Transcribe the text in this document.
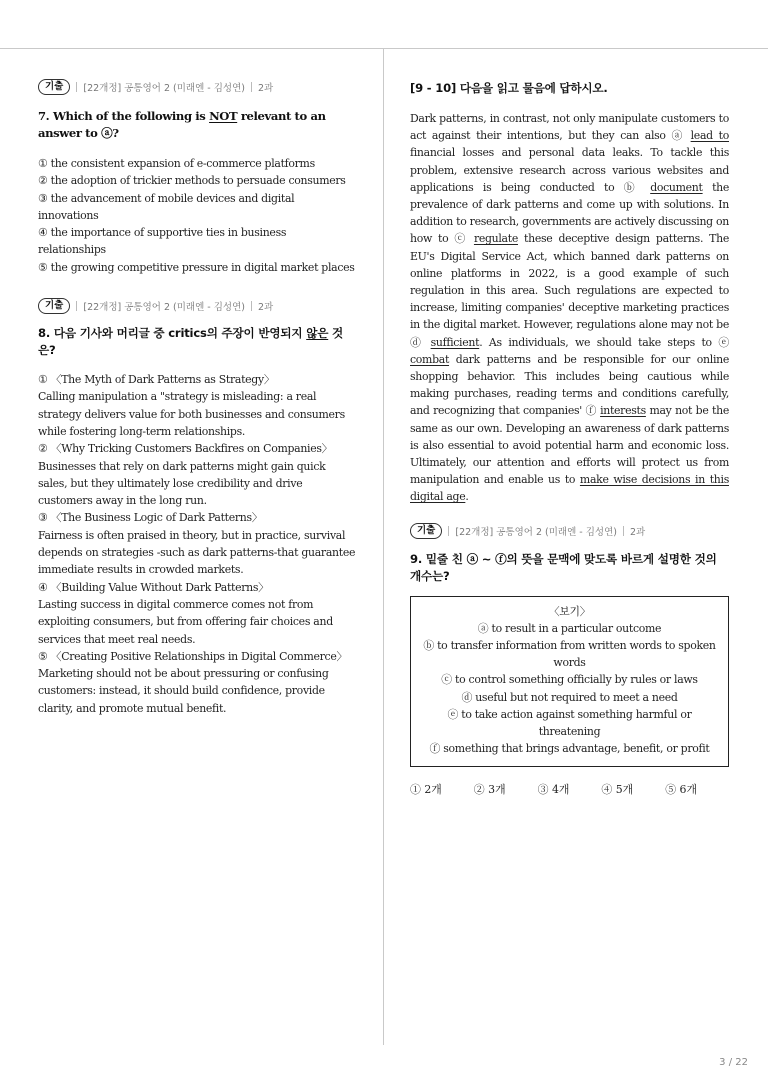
기출	[22개정] 공통영어 2 (미래엔 - 김성연) 2과
7. Which of the following is NOT relevant to an answer to ⓐ?
① the consistent expansion of e-commerce platforms
② the adoption of trickier methods to persuade consumers
③ the advancement of mobile devices and digital innovations
④ the importance of supportive ties in business relationships
⑤ the growing competitive pressure in digital market places
기출	[22개정] 공통영어 2 (미래엔 - 김성연) 2과
8. 다음 기사와 머리글 중 critics의 주장이 반영되지 않은 것은?
① 〈The Myth of Dark Patterns as Strategy〉
Calling manipulation a "strategy is misleading: a real strategy delivers value for both businesses and consumers while fostering long-term relationships.
② 〈Why Tricking Customers Backfires on Companies〉
Businesses that rely on dark patterns might gain quick sales, but they ultimately lose credibility and drive customers away in the long run.
③ 〈The Business Logic of Dark Patterns〉
Fairness is often praised in theory, but in practice, survival depends on strategies -such as dark patterns-that guarantee immediate results in crowded markets.
④ 〈Building Value Without Dark Patterns〉
Lasting success in digital commerce comes not from exploiting consumers, but from offering fair choices and services that meet real needs.
⑤ 〈Creating Positive Relationships in Digital Commerce〉
Marketing should not be about pressuring or confusing customers: instead, it should build confidence, provide clarity, and promote mutual benefit.
[9 - 10] 다음을 읽고 물음에 답하시오.
Dark patterns, in contrast, not only manipulate customers to act against their intentions, but they can also ⓐ lead to financial losses and personal data leaks. To tackle this problem, extensive research across various websites and applications is being conducted to ⓑ document the prevalence of dark patterns and come up with solutions. In addition to research, governments are actively discussing on how to ⓒ regulate these deceptive design patterns. The EU's Digital Service Act, which banned dark patterns on online platforms in 2022, is a good example of such regulation in this area. Such regulations are expected to increase, limiting companies' deceptive marketing practices in the digital market. However, regulations alone may not be ⓓ sufficient. As individuals, we should take steps to ⓔ combat dark patterns and be responsible for our online shopping behavior. This includes being cautious while making purchases, reading terms and conditions carefully, and recognizing that companies' ⓕ interests may not be the same as our own. Developing an awareness of dark patterns is also essential to avoid potential harm and economic loss. Ultimately, our attention and efforts will protect us from manipulation and enable us to make wise decisions in this digital age.
기출	[22개정] 공통영어 2 (미래엔 - 김성연) 2과
9. 밑줄 친 ⓐ ~ ⓕ의 뜻을 문맥에 맞도록 바르게 설명한 것의 개수는?
〈보기〉
ⓐ to result in a particular outcome
ⓑ to transfer information from written words to spoken words
ⓒ to control something officially by rules or laws
ⓓ useful but not required to meet a need
ⓔ to take action against something harmful or threatening
ⓕ something that brings advantage, benefit, or profit
① 2개	② 3개	③ 4개	④ 5개	⑤ 6개
3 / 22
